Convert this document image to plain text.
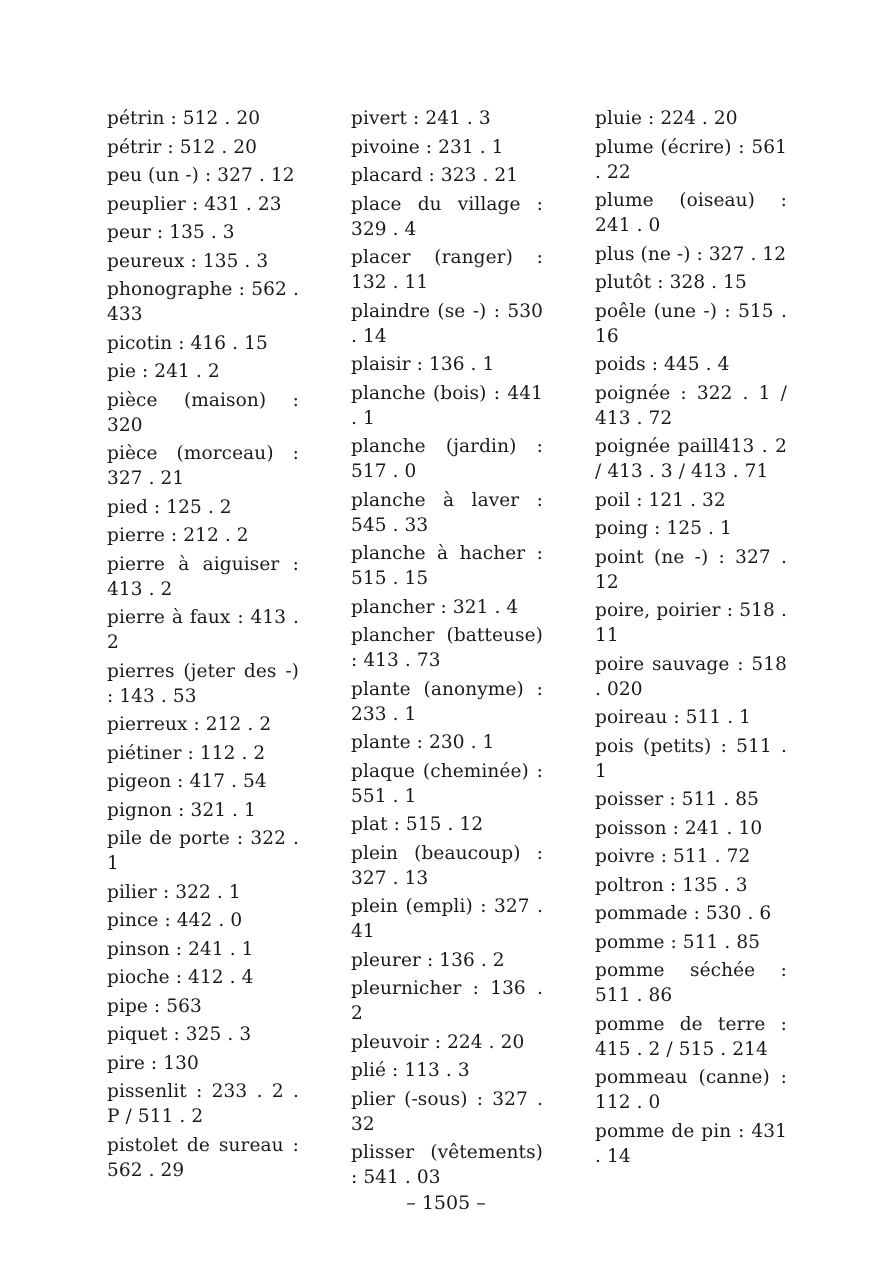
pétrin : 512 . 20
pétrir : 512 . 20
peu (un -) : 327 . 12
peuplier : 431 . 23
peur : 135 . 3
peureux : 135 . 3
phonographe : 562 . 433
picotin : 416 . 15
pie : 241 . 2
pièce (maison) : 320
pièce (morceau) : 327 . 21
pied : 125 . 2
pierre : 212 . 2
pierre à aiguiser : 413 . 2
pierre à faux : 413 . 2
pierres (jeter des -) : 143 . 53
pierreux : 212 . 2
piétiner : 112 . 2
pigeon : 417 . 54
pignon : 321 . 1
pile de porte : 322 . 1
pilier : 322 . 1
pince : 442 . 0
pinson : 241 . 1
pioche : 412 . 4
pipe : 563
piquet : 325 . 3
pire : 130
pissenlit : 233 . 2 . P / 511 . 2
pistolet de sureau : 562 . 29
pivert : 241 . 3
pivoine : 231 . 1
placard : 323 . 21
place du village : 329 . 4
placer (ranger) : 132 . 11
plaindre (se -) : 530 . 14
plaisir : 136 . 1
planche (bois) : 441 . 1
planche (jardin) : 517 . 0
planche à laver : 545 . 33
planche à hacher : 515 . 15
plancher : 321 . 4
plancher (batteuse) : 413 . 73
plante (anonyme) : 233 . 1
plante : 230 . 1
plaque (cheminée) : 551 . 1
plat : 515 . 12
plein (beaucoup) : 327 . 13
plein (empli) : 327 . 41
pleurer : 136 . 2
pleurnicher : 136 . 2
pleuvoir : 224 . 20
plié : 113 . 3
plier (-sous) : 327 . 32
plisser (vêtements) : 541 . 03
pluie : 224 . 20
plume (écrire) : 561 . 22
plume (oiseau) : 241 . 0
plus (ne -) : 327 . 12
plutôt : 328 . 15
poêle (une -) : 515 . 16
poids : 445 . 4
poignée : 322 . 1 / 413 . 72
poignée paill413 . 2 / 413 . 3 / 413 . 71
poil : 121 . 32
poing : 125 . 1
point (ne -) : 327 . 12
poire, poirier : 518 . 11
poire sauvage : 518 . 020
poireau : 511 . 1
pois (petits) : 511 . 1
poisser : 511 . 85
poisson : 241 . 10
poivre : 511 . 72
poltron : 135 . 3
pommade : 530 . 6
pomme : 511 . 85
pomme séchée : 511 . 86
pomme de terre : 415 . 2 / 515 . 214
pommeau (canne) : 112 . 0
pomme de pin : 431 . 14
– 1505 –
